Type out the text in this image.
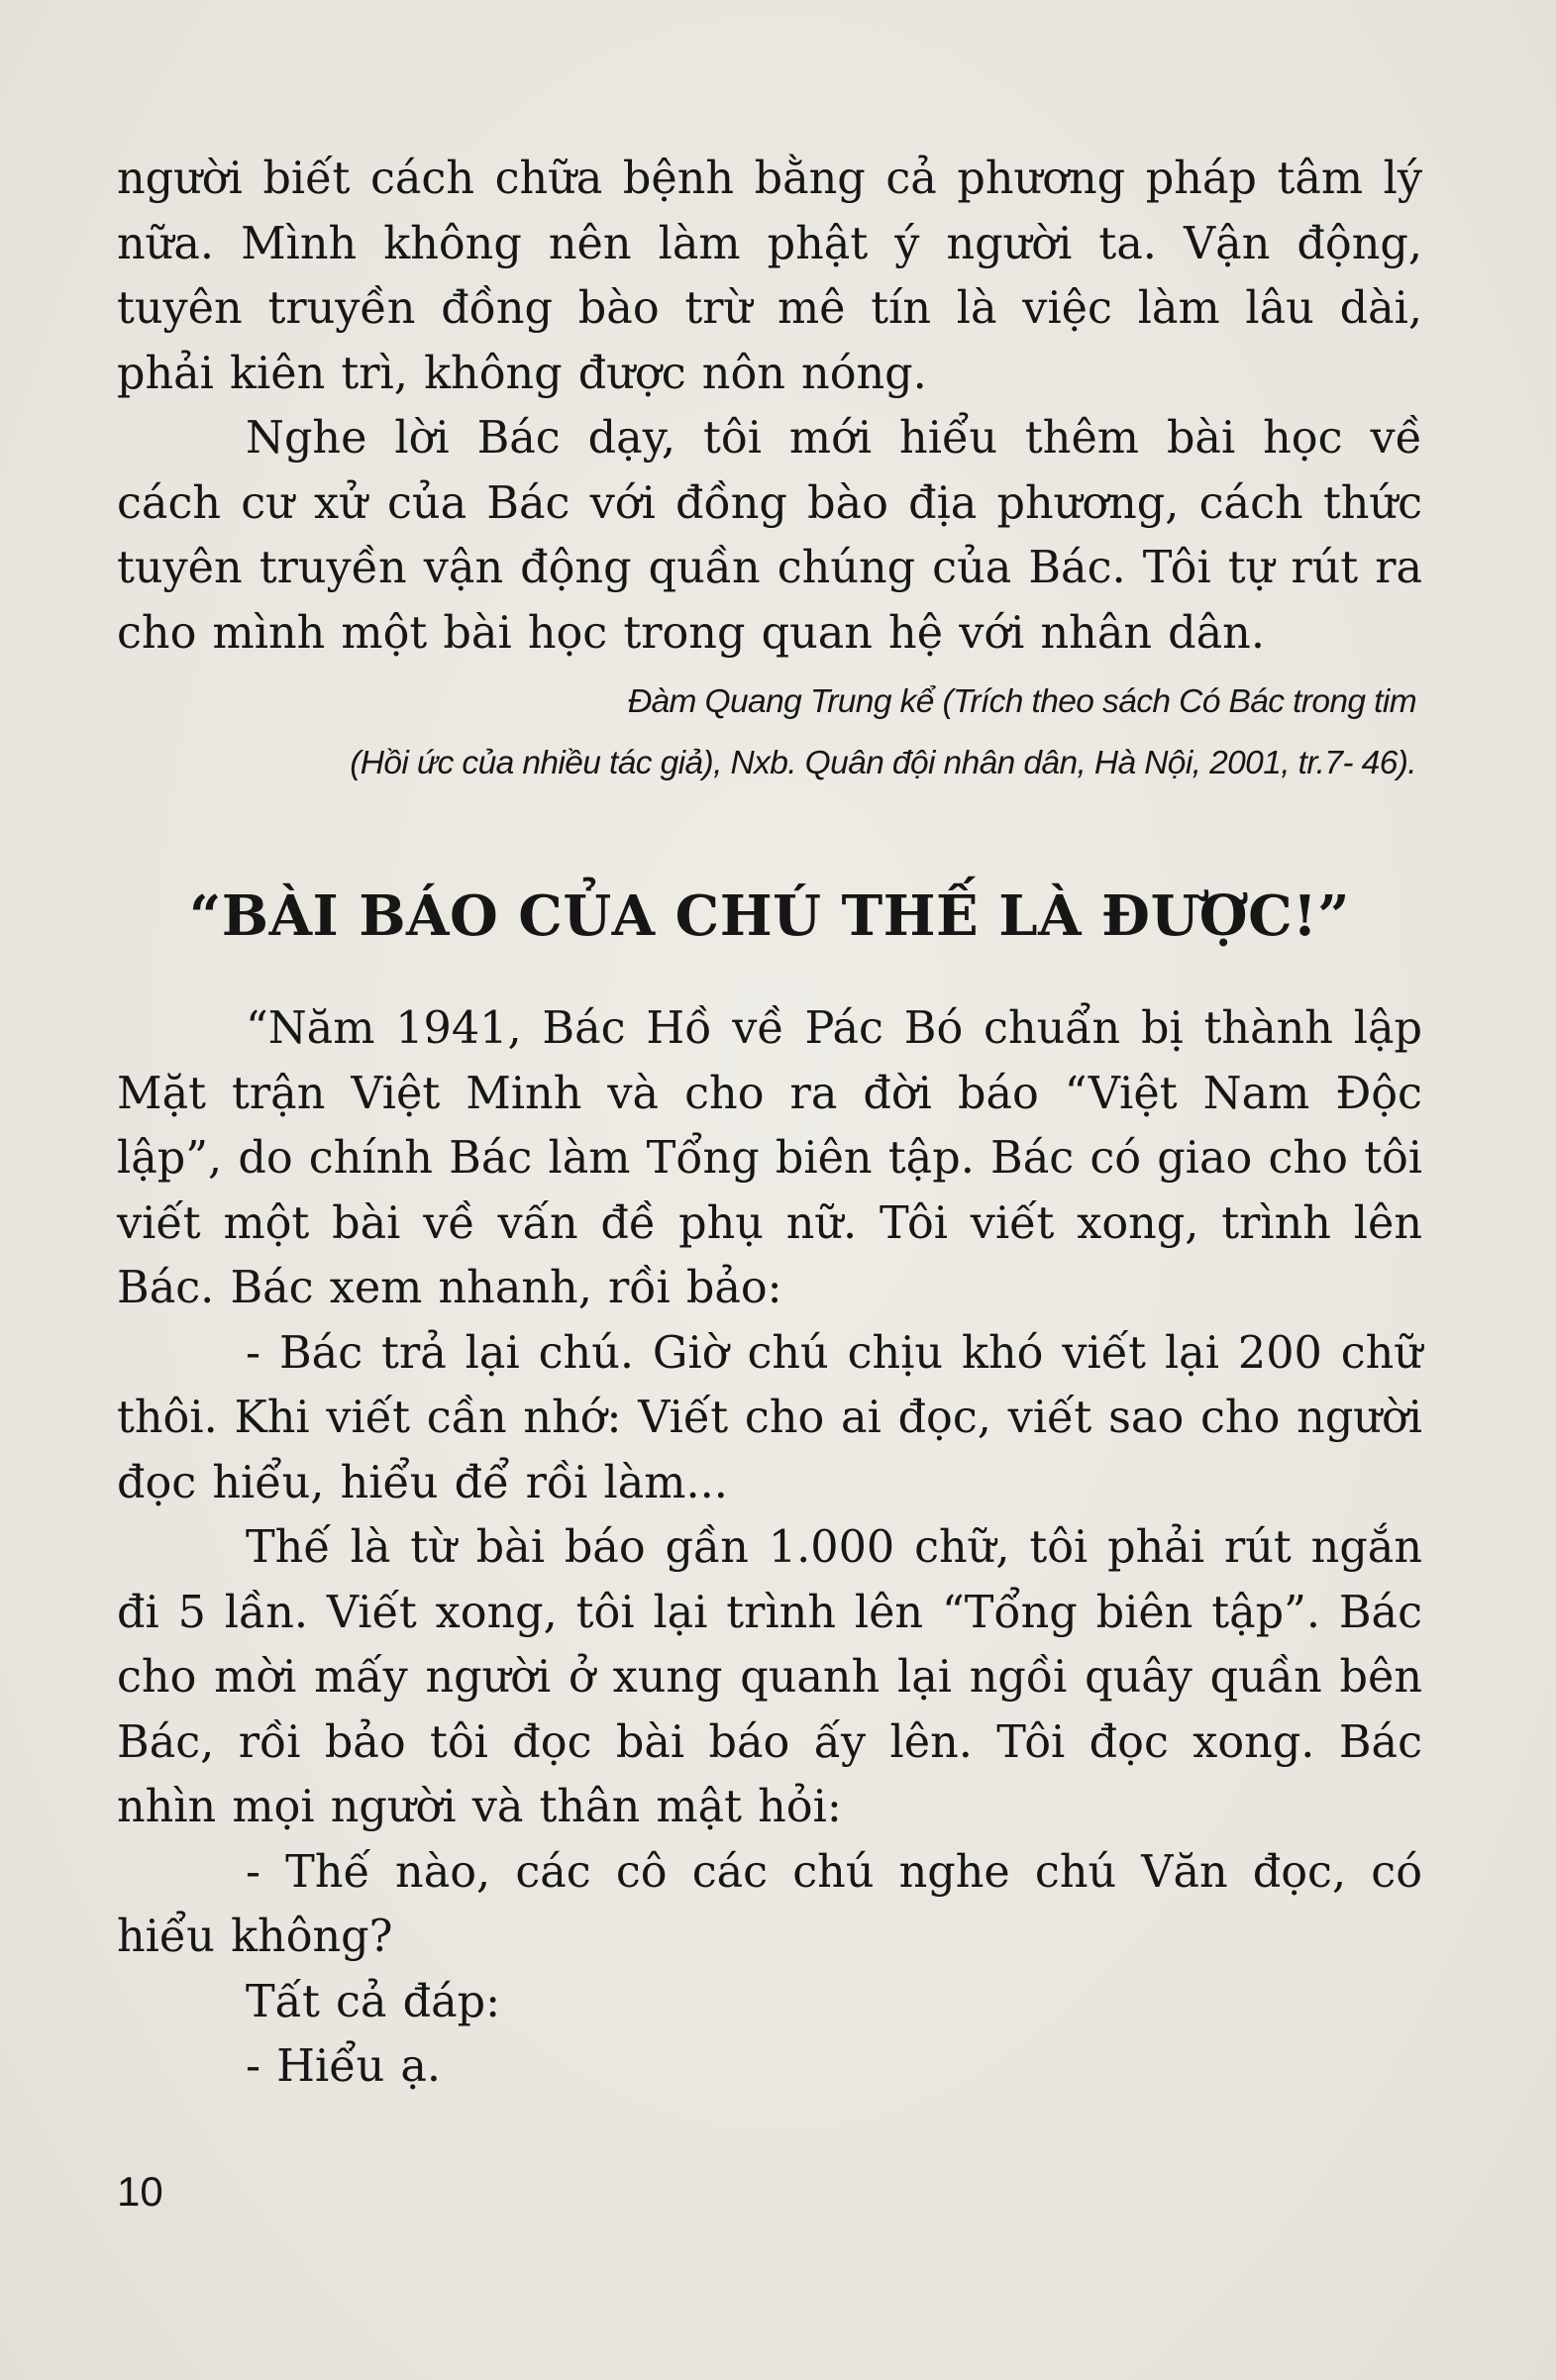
người biết cách chữa bệnh bằng cả phương pháp tâm lý nữa. Mình không nên làm phật ý người ta. Vận động, tuyên truyền đồng bào trừ mê tín là việc làm lâu dài, phải kiên trì, không được nôn nóng.

Nghe lời Bác dạy, tôi mới hiểu thêm bài học về cách cư xử của Bác với đồng bào địa phương, cách thức tuyên truyền vận động quần chúng của Bác. Tôi tự rút ra cho mình một bài học trong quan hệ với nhân dân.

Đàm Quang Trung kể (Trích theo sách Có Bác trong tim

(Hồi ức của nhiều tác giả), Nxb. Quân đội nhân dân, Hà Nội, 2001, tr.7- 46).

“BÀI BÁO CỦA CHÚ THẾ LÀ ĐƯỢC!”

“Năm 1941, Bác Hồ về Pác Bó chuẩn bị thành lập Mặt trận Việt Minh và cho ra đời báo “Việt Nam Độc lập”, do chính Bác làm Tổng biên tập. Bác có giao cho tôi viết một bài về vấn đề phụ nữ. Tôi viết xong, trình lên Bác. Bác xem nhanh, rồi bảo:

- Bác trả lại chú. Giờ chú chịu khó viết lại 200 chữ thôi. Khi viết cần nhớ: Viết cho ai đọc, viết sao cho người đọc hiểu, hiểu để rồi làm...

Thế là từ bài báo gần 1.000 chữ, tôi phải rút ngắn đi 5 lần. Viết xong, tôi lại trình lên “Tổng biên tập”. Bác cho mời mấy người ở xung quanh lại ngồi quây quần bên Bác, rồi bảo tôi đọc bài báo ấy lên. Tôi đọc xong. Bác nhìn mọi người và thân mật hỏi:

- Thế nào, các cô các chú nghe chú Văn đọc, có hiểu không?

Tất cả đáp:

- Hiểu ạ.

10
